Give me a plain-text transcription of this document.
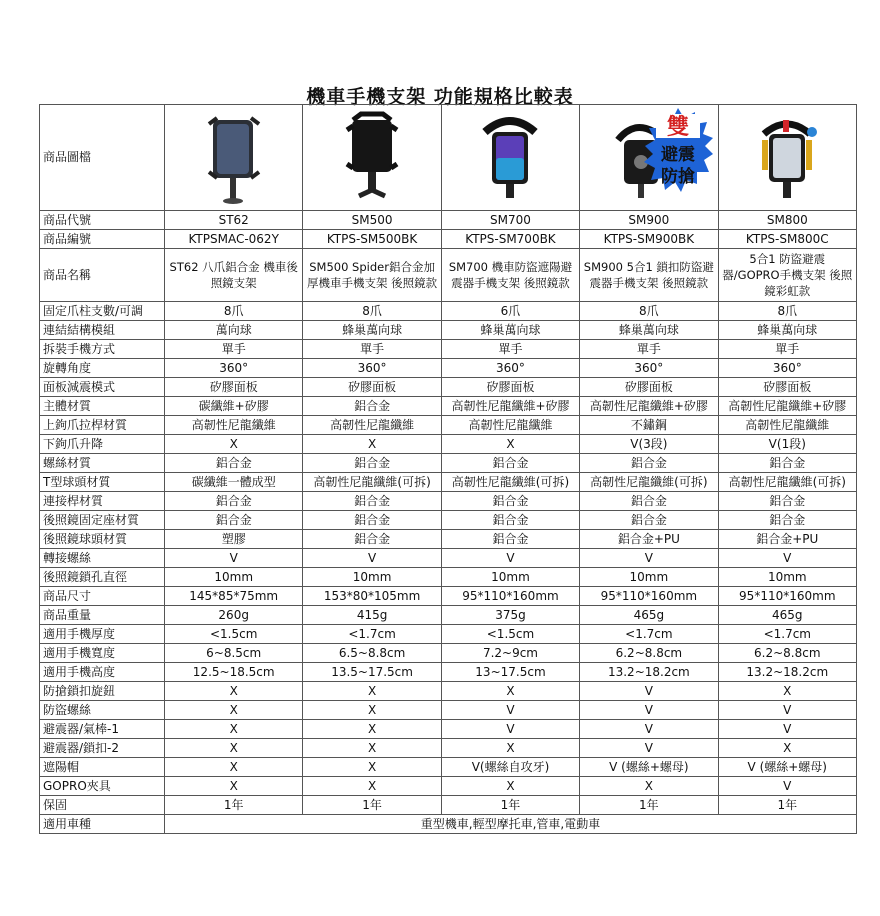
機車手機支架 功能規格比較表
商品圖檔	

商品代號	ST62	SM500	SM700	SM900	SM800
商品編號	KTPSMAC-062Y	KTPS-SM500BK	KTPS-SM700BK	KTPS-SM900BK	KTPS-SM800C
商品名稱	ST62 八爪鋁合金 機車後照鏡支架	SM500 Spider鋁合金加厚機車手機支架 後照鏡款	SM700 機車防盜遮陽避震器手機支架 後照鏡款	SM900 5合1 鎖扣防盜避震器手機支架 後照鏡款	5合1 防盜避震器/GOPRO手機支架 後照鏡彩虹款
固定爪柱支數/可調	8爪	8爪	6爪	8爪	8爪
連結結構模組	萬向球	蜂巢萬向球	蜂巢萬向球	蜂巢萬向球	蜂巢萬向球
拆裝手機方式	單手	單手	單手	單手	單手
旋轉角度	360°	360°	360°	360°	360°
面板減震模式	矽膠面板	矽膠面板	矽膠面板	矽膠面板	矽膠面板
主體材質	碳纖維+矽膠	鋁合金	高韌性尼龍纖維+矽膠	高韌性尼龍纖維+矽膠	高韌性尼龍纖維+矽膠
上鉤爪拉桿材質	高韌性尼龍纖維	高韌性尼龍纖維	高韌性尼龍纖維	不鏽鋼	高韌性尼龍纖維
下鉤爪升降	X	X	X	V(3段)	V(1段)
螺絲材質	鋁合金	鋁合金	鋁合金	鋁合金	鋁合金
T型球頭材質	碳纖維一體成型	高韌性尼龍纖維(可拆)	高韌性尼龍纖維(可拆)	高韌性尼龍纖維(可拆)	高韌性尼龍纖維(可拆)
連接桿材質	鋁合金	鋁合金	鋁合金	鋁合金	鋁合金
後照鏡固定座材質	鋁合金	鋁合金	鋁合金	鋁合金	鋁合金
後照鏡球頭材質	塑膠	鋁合金	鋁合金	鋁合金+PU	鋁合金+PU
轉接螺絲	V	V	V	V	V
後照鏡鎖孔直徑	10mm	10mm	10mm	10mm	10mm
商品尺寸	145*85*75mm	153*80*105mm	95*110*160mm	95*110*160mm	95*110*160mm
商品重量	260g	415g	375g	465g	465g
適用手機厚度	<1.5cm	<1.7cm	<1.5cm	<1.7cm	<1.7cm
適用手機寬度	6~8.5cm	6.5~8.8cm	7.2~9cm	6.2~8.8cm	6.2~8.8cm
適用手機高度	12.5~18.5cm	13.5~17.5cm	13~17.5cm	13.2~18.2cm	13.2~18.2cm
防搶鎖扣旋鈕	X	X	X	V	X
防盜螺絲	X	X	V	V	V
避震器/氣棒-1	X	X	V	V	V
避震器/鎖扣-2	X	X	X	V	X
遮陽帽	X	X	V(螺絲自攻牙)	V (螺絲+螺母)	V (螺絲+螺母)
GOPRO夾具	X	X	X	X	V
保固	1年	1年	1年	1年	1年
適用車種	重型機車,輕型摩托車,管車,電動車				
雙
避震
防搶
